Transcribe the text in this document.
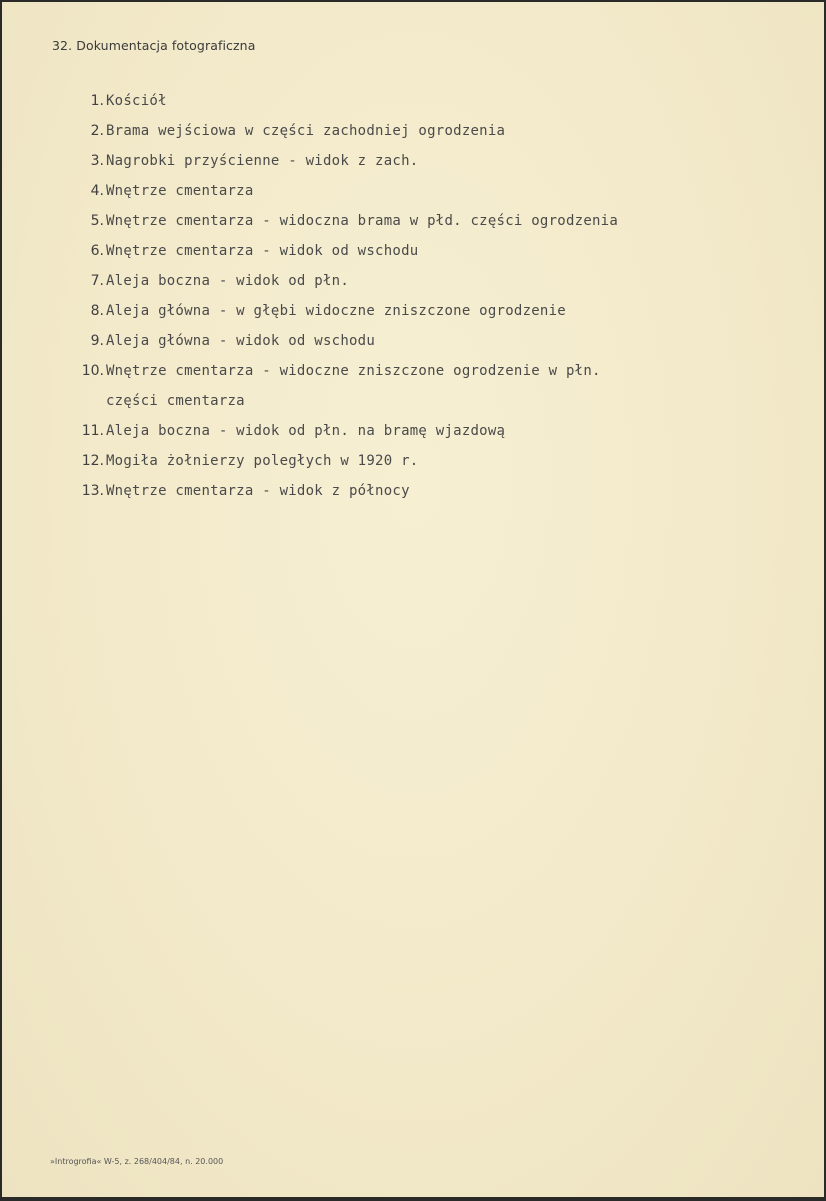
32. Dokumentacja fotograficzna
1. Kościół
2. Brama wejściowa w części zachodniej ogrodzenia
3. Nagrobki przyścienne - widok z zach.
4. Wnętrze cmentarza
5. Wnętrze cmentarza - widoczna brama w płd. części ogrodzenia
6. Wnętrze cmentarza - widok od wschodu
7. Aleja boczna - widok od płn.
8. Aleja główna - w głębi widoczne zniszczone ogrodzenie
9. Aleja główna - widok od wschodu
10. Wnętrze cmentarza - widoczne zniszczone ogrodzenie w płn.
części cmentarza
11. Aleja boczna - widok od płn. na bramę wjazdową
12. Mogiła żołnierzy poległych w 1920 r.
13. Wnętrze cmentarza - widok z północy
»Introgrofia« W-5, z. 268/404/84, n. 20.000
